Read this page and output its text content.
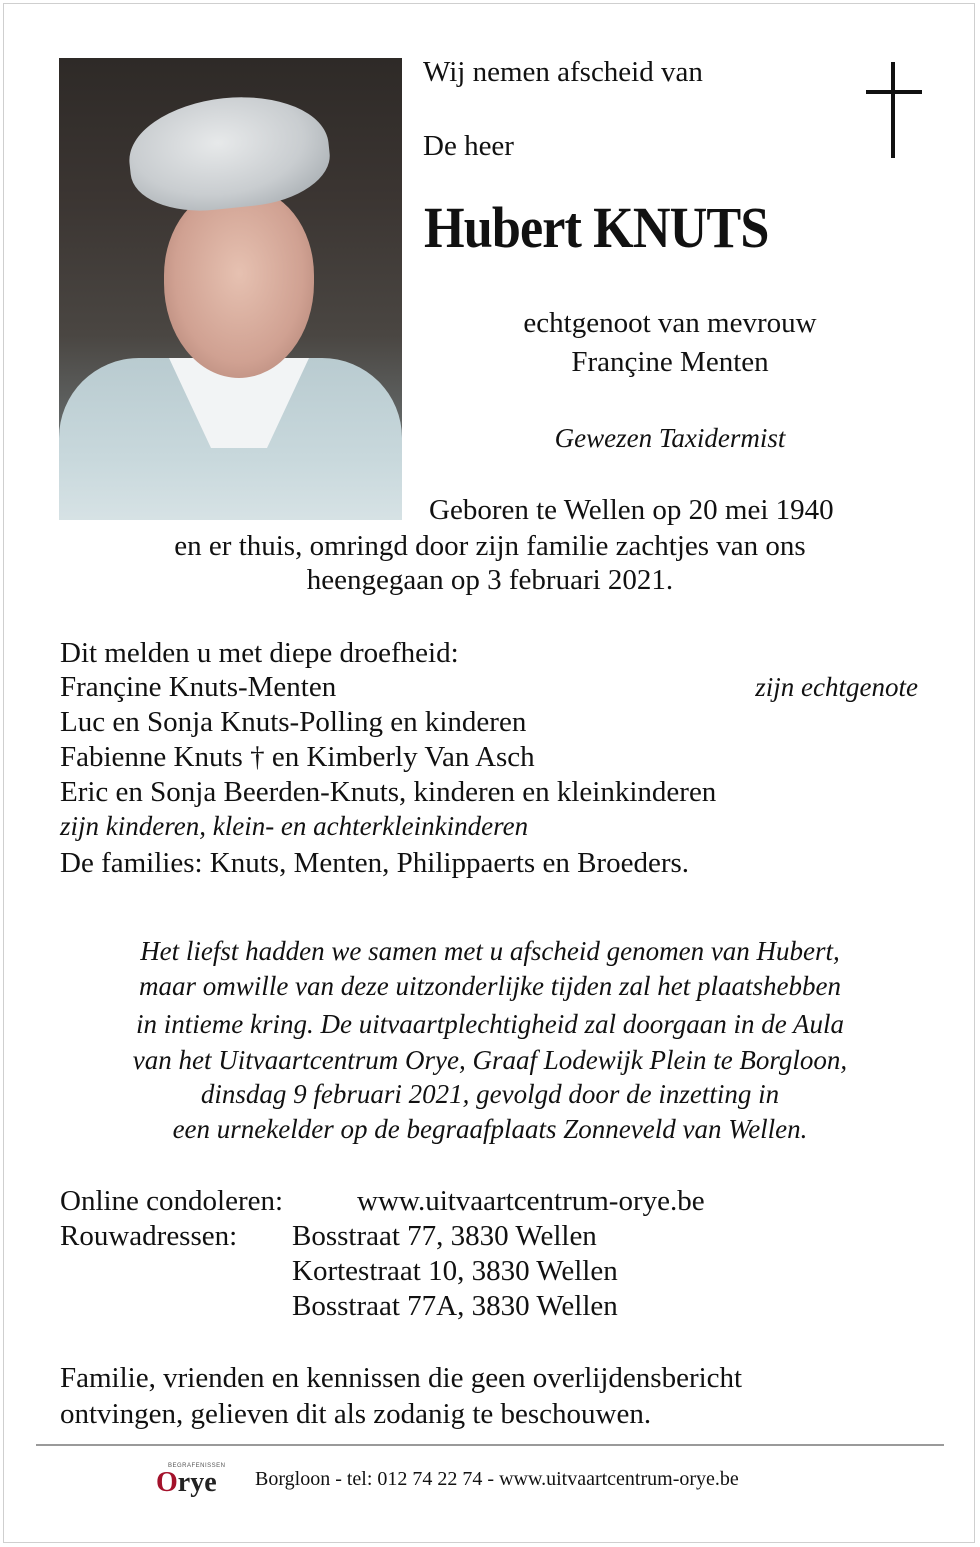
Wij nemen afscheid van
De heer
Hubert KNUTS
echtgenoot van mevrouw
Françine Menten
Gewezen Taxidermist
Geboren te Wellen op 20 mei 1940
en er thuis, omringd door zijn familie zachtjes van ons
heengegaan op 3 februari 2021.
Dit melden u met diepe droefheid:
Françine Knuts-Menten	zijn echtgenote
Luc en Sonja Knuts-Polling en kinderen
Fabienne Knuts † en Kimberly Van Asch
Eric en Sonja Beerden-Knuts, kinderen en kleinkinderen
zijn kinderen, klein- en achterkleinkinderen
De families: Knuts, Menten, Philippaerts en Broeders.
Het liefst hadden we samen met u afscheid genomen van Hubert,
maar omwille van deze uitzonderlijke tijden zal het plaatshebben
in intieme kring. De uitvaartplechtigheid zal doorgaan in de Aula
van het Uitvaartcentrum Orye, Graaf Lodewijk Plein te Borgloon,
dinsdag 9 februari 2021, gevolgd door de inzetting in
een urnekelder op de begraafplaats Zonneveld van Wellen.
Online condoleren:	www.uitvaartcentrum-orye.be
Rouwadressen: Bosstraat 77, 3830 Wellen
Kortestraat 10, 3830 Wellen
Bosstraat 77A, 3830 Wellen
Familie, vrienden en kennissen die geen overlijdensbericht
ontvingen, gelieven dit als zodanig te beschouwen.
BEGRAFENISSEN
Orye Borgloon - tel: 012 74 22 74 - www.uitvaartcentrum-orye.be
